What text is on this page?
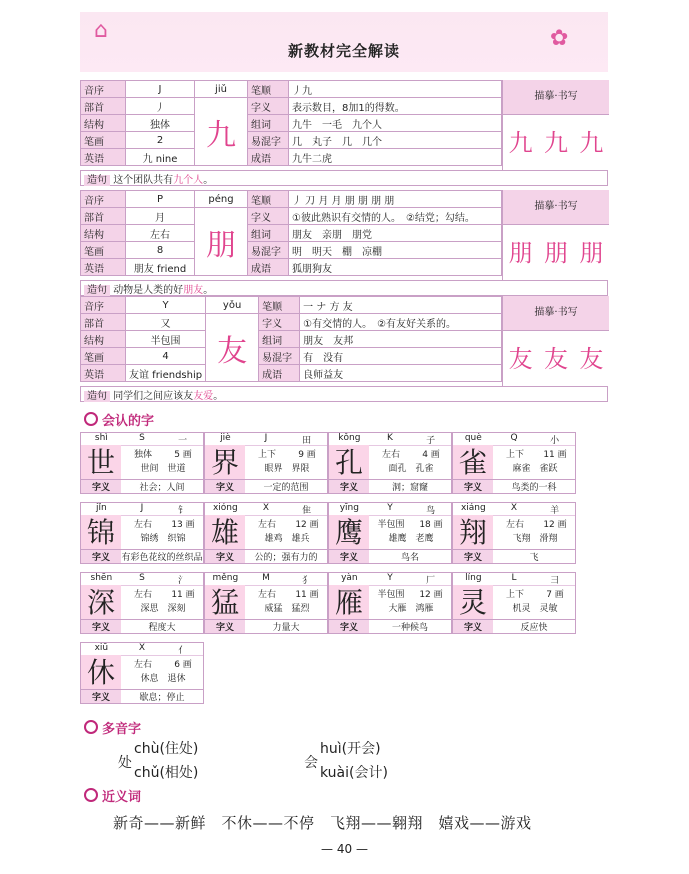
⌂	✿
新教材完全解读
音序	J	jiǔ	笔顺	丿九
部首	丿	九	字义	表示数目，8加1的得数。
结构	独体		组词	九牛　一毛　九个人
笔画	2		易混字	几　丸子　几　几个
英语	九 nine		成语	九牛二虎
描摹·书写
九 九 九
造句 这个团队共有九个人。
音序	P	péng	笔顺	丿 刀 月 月 朋 朋 朋 朋
部首	月	朋	字义	①彼此熟识有交情的人。　②结党；勾结。
结构	左右		组词	朋友　亲朋　朋党
笔画	8		易混字	明　明天　棚　凉棚
英语	朋友 friend		成语	狐朋狗友
描摹·书写
朋 朋 朋
造句 动物是人类的好朋友。
音序	Y	yǒu	笔顺	一 ナ 方 友
部首	又	友	字义	①有交情的人。　②有友好关系的。
结构	半包围		组词	朋友　友邦
笔画	4		易混字	有　没有
英语	友谊 friendship		成语	良师益友
描摹·书写
友 友 友
造句 同学们之间应该友友爱。
会认的字
shì	S	一
世	独体	5 画
世间　世道
字义	社会；人间
jiè	J	田
界	上下	9 画
眼界　界限
字义	一定的范围
kǒng	K	子
孔	左右	4 画
面孔　孔雀
字义	洞；窟窿
què	Q	小
雀	上下	11 画
麻雀　雀跃
字义	鸟类的一科
jǐn	J	钅
锦	左右	13 画
锦绣　织锦
字义	有彩色花纹的丝织品
xióng	X	隹
雄	左右	12 画
雄鸡　雄兵
字义	公的；强有力的
yīng	Y	鸟
鹰	半包围	18 画
雄鹰　老鹰
字义	鸟名
xiáng	X	羊
翔	左右	12 画
飞翔　滑翔
字义	飞
shēn	S	氵
深	左右	11 画
深思　深刻
字义	程度大
měng	M	犭
猛	左右	11 画
威猛　猛烈
字义	力量大
yàn	Y	厂
雁	半包围	12 画
大雁　鸿雁
字义	一种候鸟
líng	L	彐
灵	上下	7 画
机灵　灵敏
字义	反应快
xiū	X	亻
休	左右	6 画
休息　退休
字义	歇息；停止
多音字
处
chù(住处)
chǔ(相处)
会
huì(开会)
kuài(会计)
近义词
新奇——新鲜　不休——不停　飞翔——翱翔　嬉戏——游戏
— 40 —
